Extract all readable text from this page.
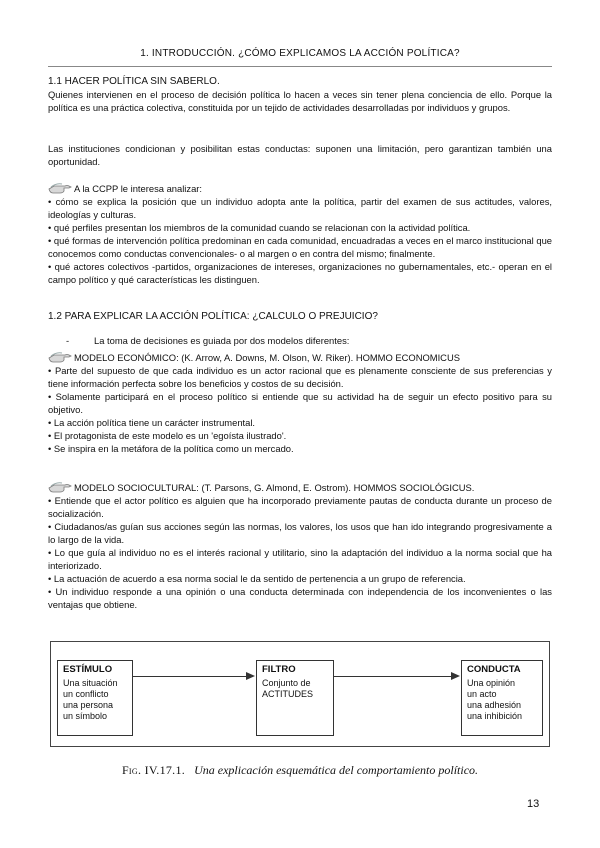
1. INTRODUCCIÓN. ¿CÓMO EXPLICAMOS LA ACCIÓN POLÍTICA?

1.1 HACER POLÍTICA SIN SABERLO.

Quienes intervienen en el proceso de decisión política lo hacen a veces sin tener plena conciencia de ello. Porque la política es una práctica colectiva, constituida por un tejido de actividades desarrolladas por individuos y grupos.

Las instituciones condicionan y posibilitan estas conductas: suponen una limitación, pero garantizan también una oportunidad.

A la CCPP le interesa analizar:

• cómo se explica la posición que un individuo adopta ante la política, partir del examen de sus actitudes, valores, ideologías y culturas.

• qué perfiles presentan los miembros de la comunidad cuando se relacionan con la actividad política.

• qué formas de intervención política predominan en cada comunidad, encuadradas a veces en el marco institucional que conocemos como conductas convencionales- o al margen o en contra del mismo; finalmente.

• qué actores colectivos -partidos, organizaciones de intereses, organizaciones no gubernamentales, etc.- operan en el campo político y qué características les distinguen.

1.2 PARA EXPLICAR LA ACCIÓN POLÍTICA: ¿CALCULO O PREJUICIO?

-	La toma de decisiones es guiada por dos modelos diferentes:
MODELO ECONÓMICO: (K. Arrow, A. Downs, M. Olson, W. Riker). HOMMO ECONOMICUS

• Parte del supuesto de que cada individuo es un actor racional que es plenamente consciente de sus preferencias y tiene información perfecta sobre los beneficios y costos de su decisión.

• Solamente participará en el proceso político si entiende que su actividad ha de seguir un efecto positivo para su objetivo.

• La acción política tiene un carácter instrumental.

• El protagonista de este modelo es un 'egoísta ilustrado'.

• Se inspira en la metáfora de la política como un mercado.

MODELO SOCIOCULTURAL: (T. Parsons, G. Almond, E. Ostrom). HOMMOS SOCIOLÓGICUS.

• Entiende que el actor político es alguien que ha incorporado previamente pautas de conducta durante un proceso de socialización.

• Ciudadanos/as guían sus acciones según las normas, los valores, los usos que han ido integrando progresivamente a lo largo de la vida.

• Lo que guía al individuo no es el interés racional y utilitario, sino la adaptación del individuo a la norma social que ha interiorizado.

• La actuación de acuerdo a esa norma social le da sentido de pertenencia a un grupo de referencia.

• Un individuo responde a una opinión o una conducta determinada con independencia de los inconvenientes o las ventajas que obtiene.

ESTÍMULO
Una situación
un conflicto
una persona
un símbolo
FILTRO
Conjunto de
ACTITUDES
CONDUCTA
Una opinión
un acto
una adhesión
una inhibición
Fig. IV.17.1. Una explicación esquemática del comportamiento político.
13
